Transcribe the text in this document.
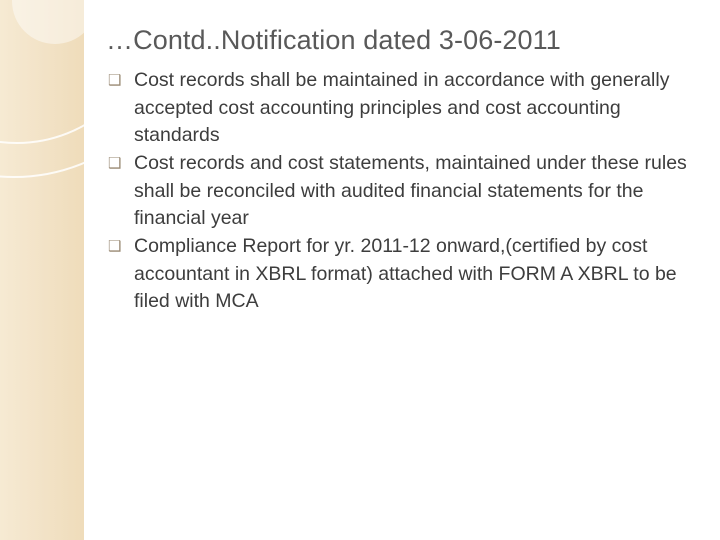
…Contd..Notification dated 3-06-2011
❑ Cost records shall be maintained in accordance with generally accepted cost accounting principles and cost accounting standards
❑ Cost records and cost statements, maintained under these rules shall be reconciled with audited financial statements for the financial year
❑ Compliance Report for yr. 2011-12 onward,(certified by cost accountant in XBRL format) attached with FORM A XBRL to be filed with MCA
